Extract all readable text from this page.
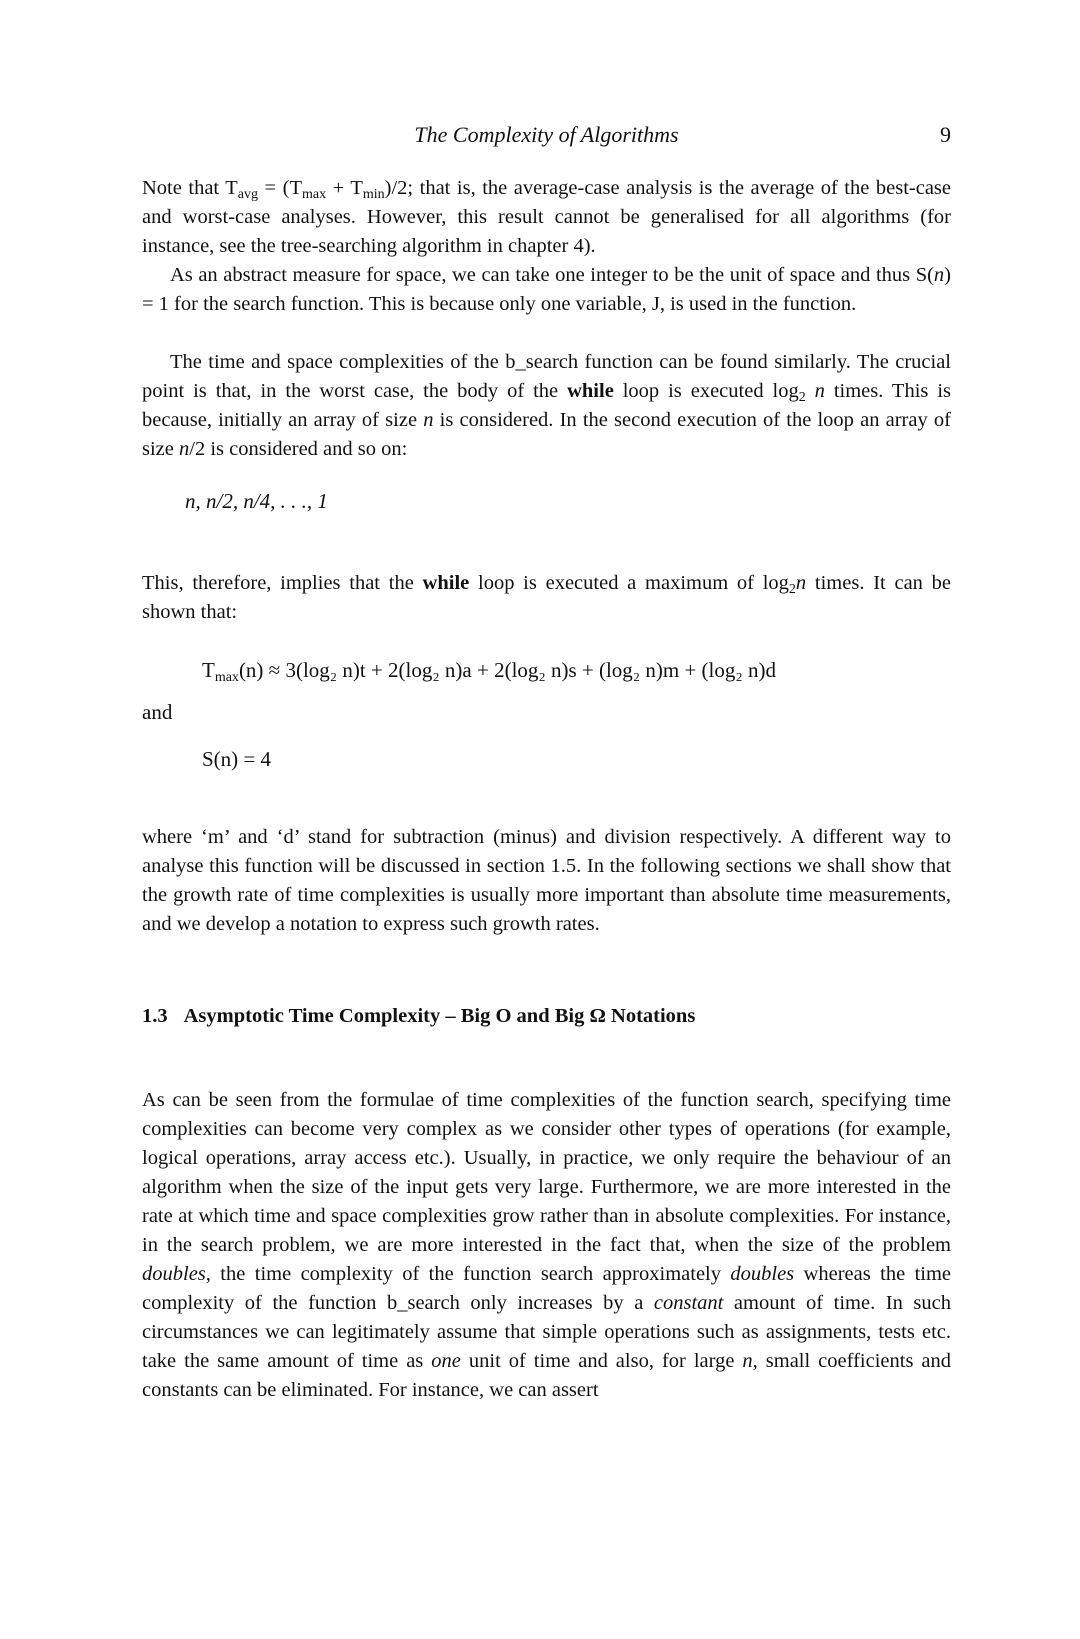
The Complexity of Algorithms	9

Note that $T_{avg} = (T_{max} + T_{min})/2$; that is, the average-case analysis is the average of the best-case and worst-case analyses. However, this result cannot be generalised for all algorithms (for instance, see the tree-searching algorithm in chapter 4).

As an abstract measure for space, we can take one integer to be the unit of space and thus S(n) = 1 for the search function. This is because only one variable, J, is used in the function.

The time and space complexities of the b_search function can be found similarly. The crucial point is that, in the worst case, the body of the while loop is executed $\log_2 n$ times. This is because, initially an array of size n is considered. In the second execution of the loop an array of size n/2 is considered and so on:

n, n/2, n/4, . . ., 1

This, therefore, implies that the while loop is executed a maximum of $\log_2n$ times. It can be shown that:

$T_{max}(n) \approx 3(\log_2$ n)t + 2(log₂ n)a + 2(log₂ n)s + (log₂ n)m + (log₂ n)d
and
S(n) = 4

where ‘m’ and ‘d’ stand for subtraction (minus) and division respectively. A different way to analyse this function will be discussed in section 1.5. In the following sections we shall show that the growth rate of time complexities is usually more important than absolute time measurements, and we develop a notation to express such growth rates.

1.3 Asymptotic Time Complexity – Big O and Big Ω Notations

As can be seen from the formulae of time complexities of the function search, specifying time complexities can become very complex as we consider other types of operations (for example, logical operations, array access etc.). Usually, in practice, we only require the behaviour of an algorithm when the size of the input gets very large. Furthermore, we are more interested in the rate at which time and space complexities grow rather than in absolute complexities. For instance, in the search problem, we are more interested in the fact that, when the size of the problem doubles, the time complexity of the function search approximately doubles whereas the time complexity of the function b_search only increases by a constant amount of time. In such circumstances we can legitimately assume that simple operations such as assignments, tests etc. take the same amount of time as one unit of time and also, for large n, small coefficients and constants can be eliminated. For instance, we can assert
